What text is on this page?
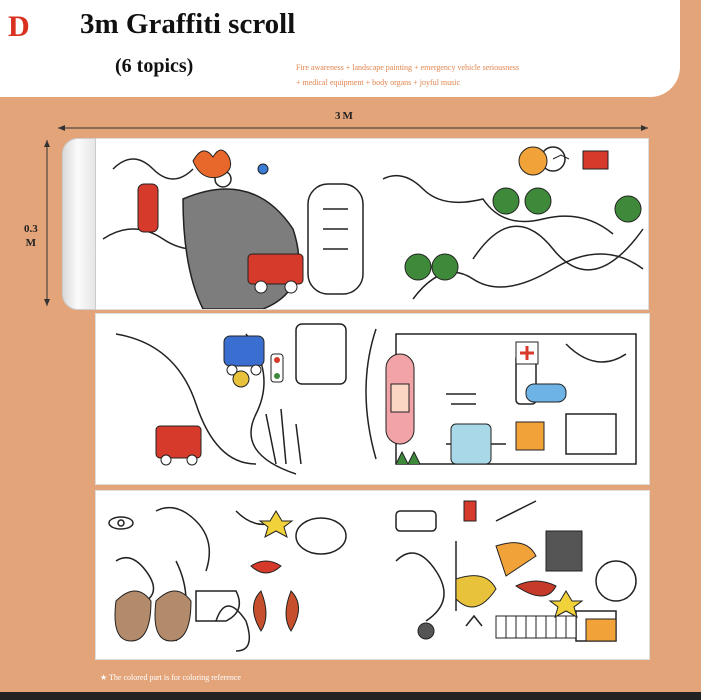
D 3m Graffiti scroll
(6 topics)	Fire awareness + landscape painting + emergency vehicle seriousness
+ medical equipment + body organs + joyful music
3M
0.3
M
★ The colored part is for coloring reference
